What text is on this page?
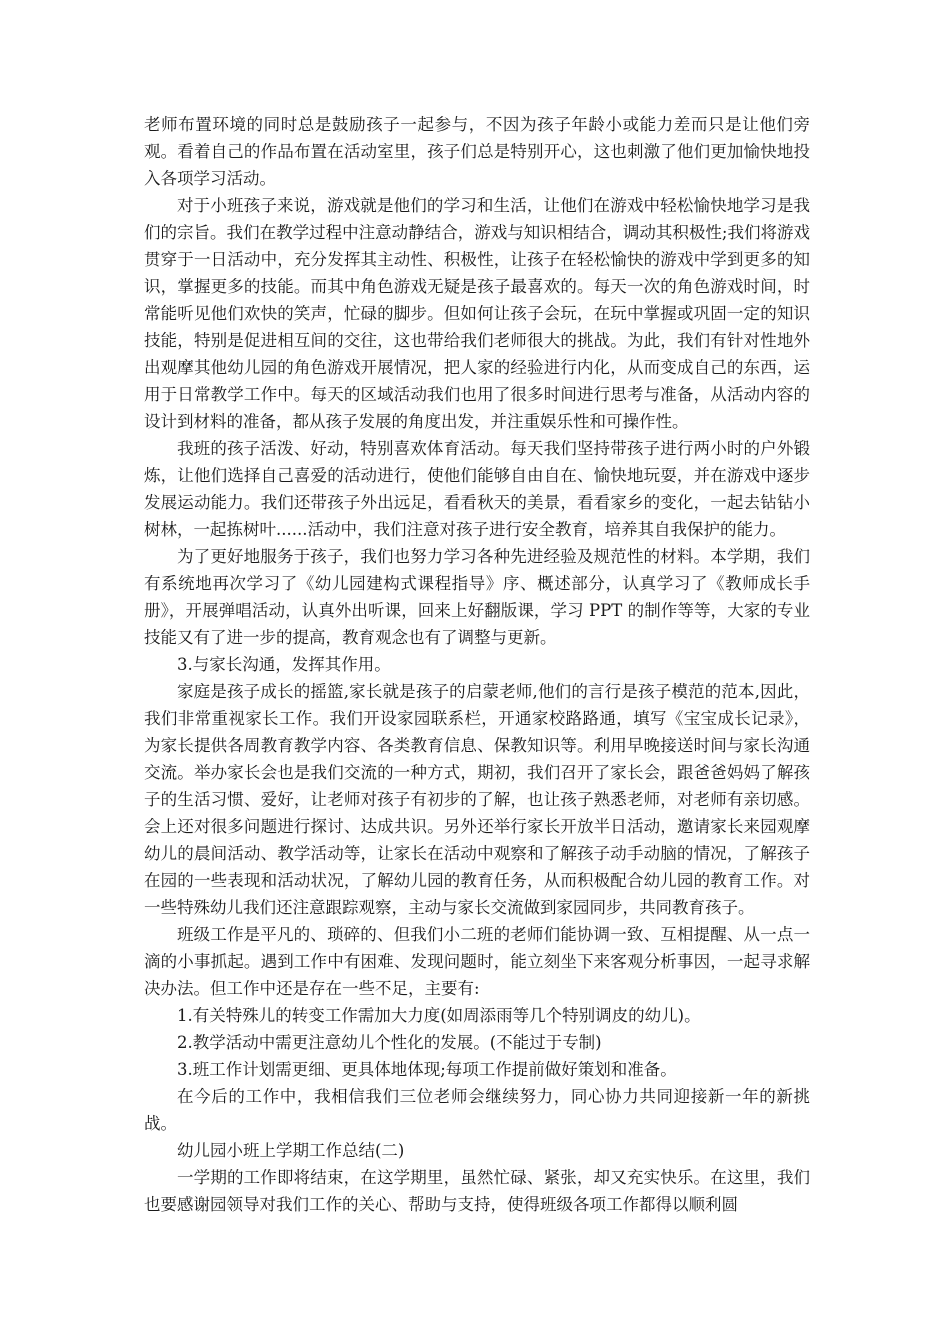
老师布置环境的同时总是鼓励孩子一起参与，不因为孩子年龄小或能力差而只是让他们旁观。看着自己的作品布置在活动室里，孩子们总是特别开心，这也刺激了他们更加愉快地投入各项学习活动。

对于小班孩子来说，游戏就是他们的学习和生活，让他们在游戏中轻松愉快地学习是我们的宗旨。我们在教学过程中注意动静结合，游戏与知识相结合，调动其积极性;我们将游戏贯穿于一日活动中，充分发挥其主动性、积极性，让孩子在轻松愉快的游戏中学到更多的知识，掌握更多的技能。而其中角色游戏无疑是孩子最喜欢的。每天一次的角色游戏时间，时常能听见他们欢快的笑声，忙碌的脚步。但如何让孩子会玩，在玩中掌握或巩固一定的知识技能，特别是促进相互间的交往，这也带给我们老师很大的挑战。为此，我们有针对性地外出观摩其他幼儿园的角色游戏开展情况，把人家的经验进行内化，从而变成自己的东西，运用于日常教学工作中。每天的区域活动我们也用了很多时间进行思考与准备，从活动内容的设计到材料的准备，都从孩子发展的角度出发，并注重娱乐性和可操作性。

我班的孩子活泼、好动，特别喜欢体育活动。每天我们坚持带孩子进行两小时的户外锻炼，让他们选择自己喜爱的活动进行，使他们能够自由自在、愉快地玩耍，并在游戏中逐步发展运动能力。我们还带孩子外出远足，看看秋天的美景，看看家乡的变化，一起去钻钻小树林，一起拣树叶......活动中，我们注意对孩子进行安全教育，培养其自我保护的能力。

为了更好地服务于孩子，我们也努力学习各种先进经验及规范性的材料。本学期，我们有系统地再次学习了《幼儿园建构式课程指导》序、概述部分，认真学习了《教师成长手册》，开展弹唱活动，认真外出听课，回来上好翻版课，学习 PPT 的制作等等，大家的专业技能又有了进一步的提高，教育观念也有了调整与更新。

3.与家长沟通，发挥其作用。

家庭是孩子成长的摇篮,家长就是孩子的启蒙老师,他们的言行是孩子模范的范本,因此，我们非常重视家长工作。我们开设家园联系栏，开通家校路路通，填写《宝宝成长记录》，为家长提供各周教育教学内容、各类教育信息、保教知识等。利用早晚接送时间与家长沟通交流。举办家长会也是我们交流的一种方式，期初，我们召开了家长会，跟爸爸妈妈了解孩子的生活习惯、爱好，让老师对孩子有初步的了解，也让孩子熟悉老师，对老师有亲切感。会上还对很多问题进行探讨、达成共识。另外还举行家长开放半日活动，邀请家长来园观摩幼儿的晨间活动、教学活动等，让家长在活动中观察和了解孩子动手动脑的情况，了解孩子在园的一些表现和活动状况，了解幼儿园的教育任务，从而积极配合幼儿园的教育工作。对一些特殊幼儿我们还注意跟踪观察，主动与家长交流做到家园同步，共同教育孩子。

班级工作是平凡的、琐碎的、但我们小二班的老师们能协调一致、互相提醒、从一点一滴的小事抓起。遇到工作中有困难、发现问题时，能立刻坐下来客观分析事因，一起寻求解决办法。但工作中还是存在一些不足，主要有:

1.有关特殊儿的转变工作需加大力度(如周添雨等几个特别调皮的幼儿)。

2.教学活动中需更注意幼儿个性化的发展。(不能过于专制)

3.班工作计划需更细、更具体地体现;每项工作提前做好策划和准备。

在今后的工作中，我相信我们三位老师会继续努力，同心协力共同迎接新一年的新挑战。

幼儿园小班上学期工作总结(二)

一学期的工作即将结束，在这学期里，虽然忙碌、紧张，却又充实快乐。在这里，我们也要感谢园领导对我们工作的关心、帮助与支持，使得班级各项工作都得以顺利圆
